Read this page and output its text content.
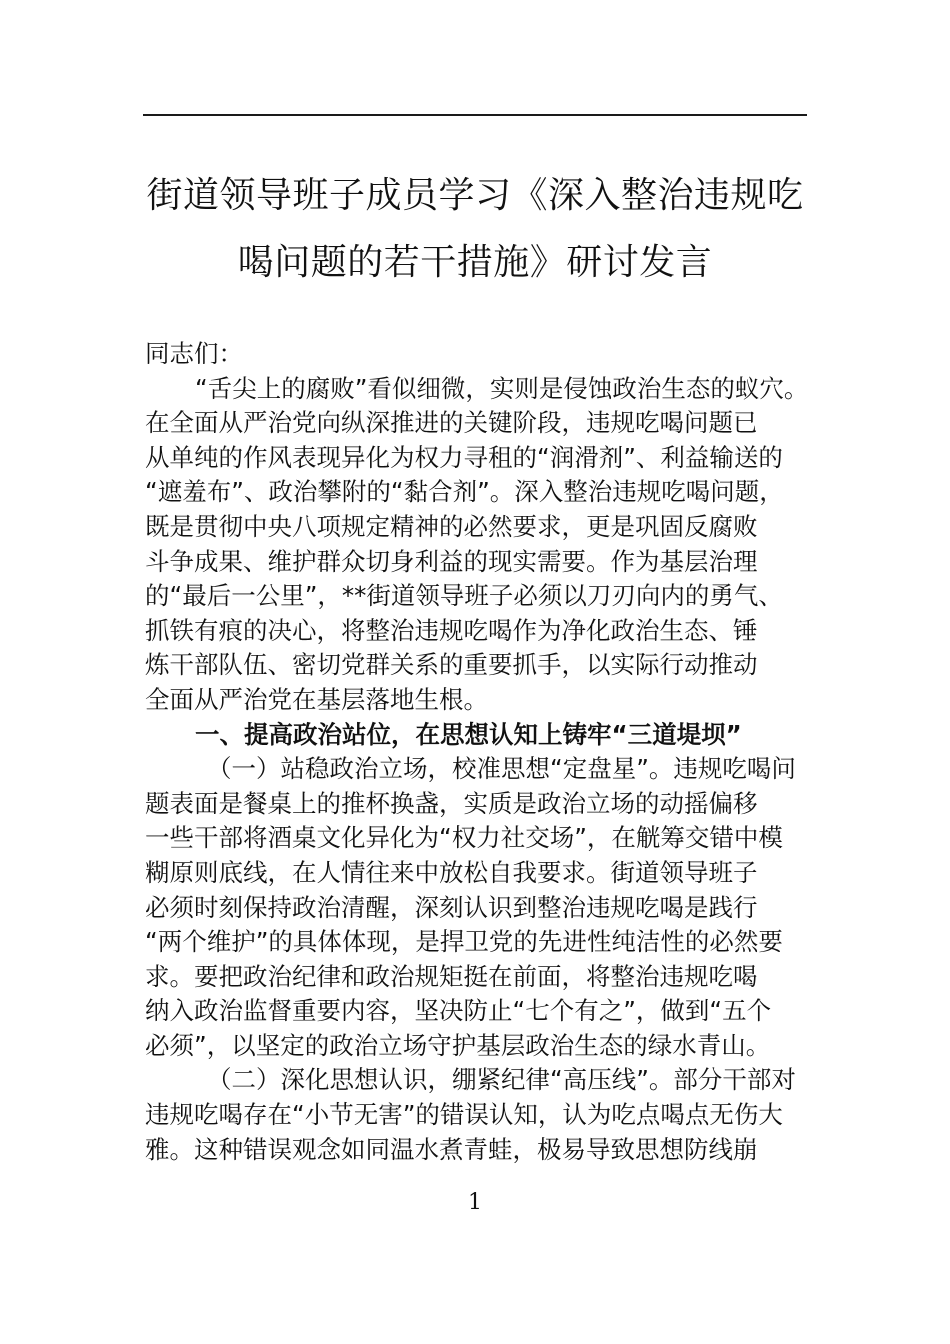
街道领导班子成员学习《深入整治违规吃
喝问题的若干措施》研讨发言
同志们：
“舌尖上的腐败”看似细微，实则是侵蚀政治生态的蚁穴。
在全面从严治党向纵深推进的关键阶段，违规吃喝问题已
从单纯的作风表现异化为权力寻租的“润滑剂”、利益输送的
“遮羞布”、政治攀附的“黏合剂”。深入整治违规吃喝问题，
既是贯彻中央八项规定精神的必然要求，更是巩固反腐败
斗争成果、维护群众切身利益的现实需要。作为基层治理
的“最后一公里”，**街道领导班子必须以刀刃向内的勇气、
抓铁有痕的决心，将整治违规吃喝作为净化政治生态、锤
炼干部队伍、密切党群关系的重要抓手，以实际行动推动
全面从严治党在基层落地生根。
一、提高政治站位，在思想认知上铸牢“三道堤坝”
（一）站稳政治立场，校准思想“定盘星”。违规吃喝问
题表面是餐桌上的推杯换盏，实质是政治立场的动摇偏移
一些干部将酒桌文化异化为“权力社交场”，在觥筹交错中模
糊原则底线，在人情往来中放松自我要求。街道领导班子
必须时刻保持政治清醒，深刻认识到整治违规吃喝是践行
“两个维护”的具体体现，是捍卫党的先进性纯洁性的必然要
求。要把政治纪律和政治规矩挺在前面，将整治违规吃喝
纳入政治监督重要内容，坚决防止“七个有之”，做到“五个
必须”，以坚定的政治立场守护基层政治生态的绿水青山。
（二）深化思想认识，绷紧纪律“高压线”。部分干部对
违规吃喝存在“小节无害”的错误认知，认为吃点喝点无伤大
雅。这种错误观念如同温水煮青蛙，极易导致思想防线崩
1
